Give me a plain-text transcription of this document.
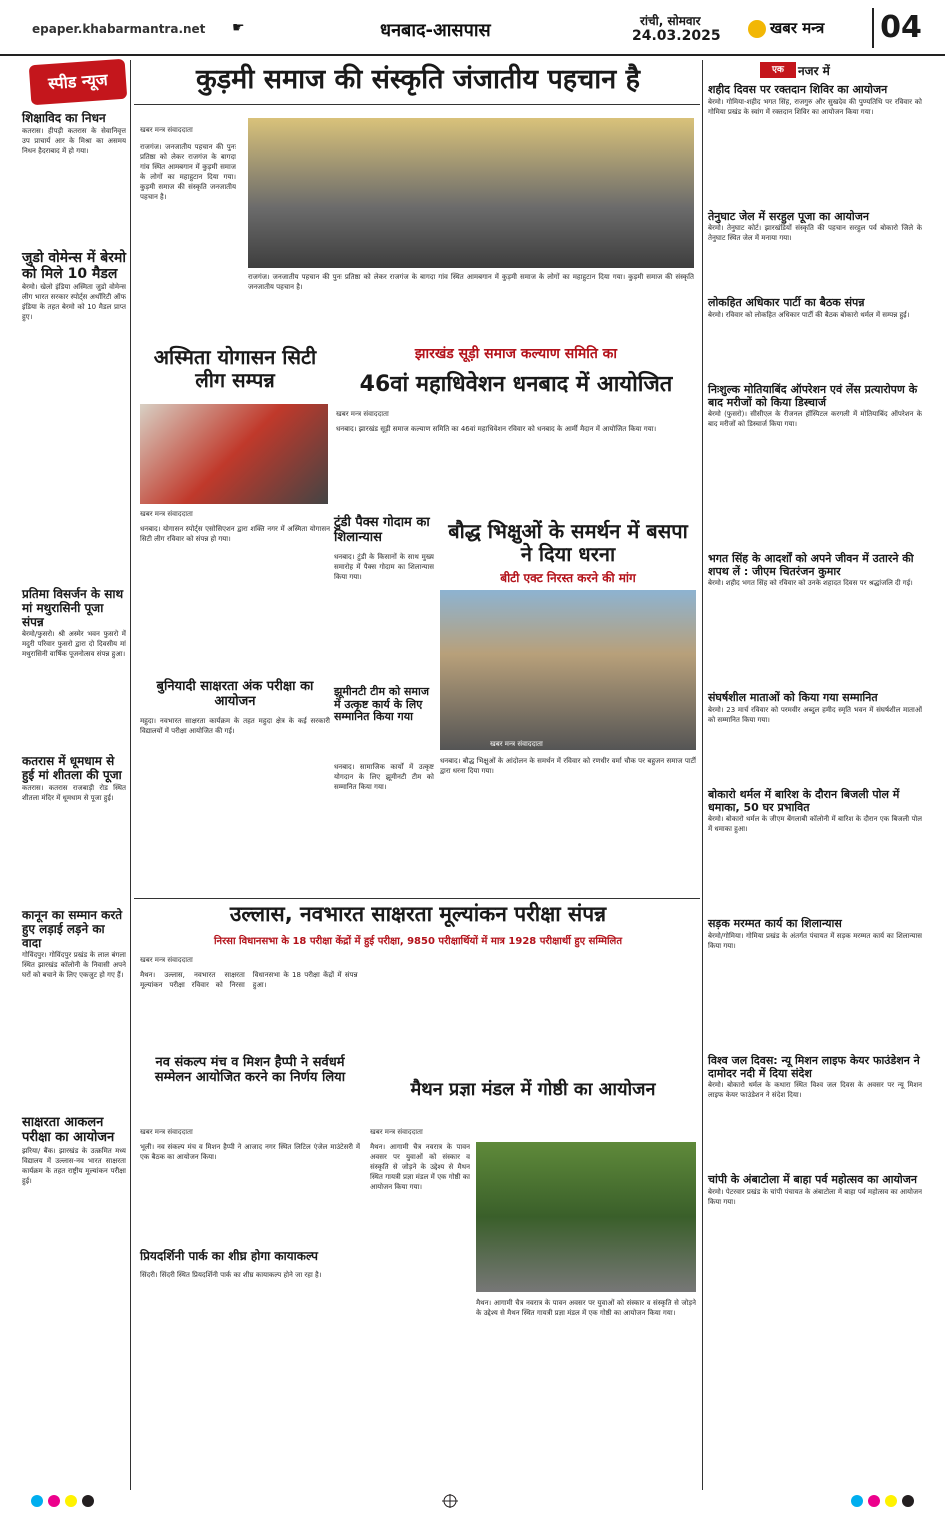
epaper.khabarmantra.net ☛	धनबाद-आसपास	रांची, सोमवार
24.03.2025	खबर मन्त्र 04
स्पीड न्यूज
शिक्षाविद का निधन
कतरास। हीपड़ी कतरास के सेवानिवृत्त उप प्राचार्य आर के मिश्रा का असमय निधन हैदराबाद में हो गया।
जुडो वोमेन्स में बेरमो को मिले 10 मैडल
बेरमो। खेलो इंडिया अस्मिता जुडो वोमेन्स लीग भारत सरकार स्पोर्ट्स अथॉरिटी ऑफ इंडिया के तहत बेरमो को 10 मैडल प्राप्त हुए।
प्रतिमा विसर्जन के साथ मां मथुरासिनी पूजा संपन्न
बेरमो/फुसरो। श्री अस्मेर भवन फुसरो में मदुरी परिवार फुसरो द्वारा दो दिवसीय मां मथुरासिनी वार्षिक पूजनोत्सव संपन्न हुआ।
कतरास में धूमधाम से हुई मां शीतला की पूजा
कतरास। कतरास राजबाड़ी रोड स्थित शीतला मंदिर में धूमधाम से पूजा हुई।
कानून का सम्मान करते हुए लड़ाई लड़ने का वादा
गोविंदपुर। गोविंदपुर प्रखंड के लाल बंगला स्थित झारखंड कॉलोनी के निवासी अपने घरों को बचाने के लिए एकजुट हो गए हैं।
साक्षरता आकलन परीक्षा का आयोजन
झरिया/ बैंक। झारखंड के उत्क्रमित मध्य विद्यालय में उल्लास-नव भारत साक्षरता कार्यक्रम के तहत राष्ट्रीय मूल्यांकन परीक्षा हुई।
कुड़मी समाज की संस्कृति जंजातीय पहचान है
खबर मन्त्र संवाददाता
राजगंज। जनजातीय पहचान की पुनः प्रतिष्ठा को लेकर राजगंज के बागदा गांव स्थित आमबगान में कुड़मी समाज के लोगों का महाहुटान दिया गया। कुड़मी समाज की संस्कृति जनजातीय पहचान है।
राजगंज। जनजातीय पहचान की पुनः प्रतिष्ठा को लेकर राजगंज के बागदा गांव स्थित आमबगान में कुड़मी समाज के लोगों का महाहुटान दिया गया। कुड़मी समाज की संस्कृति जनजातीय पहचान है।
अस्मिता योगासन सिटी लीग सम्पन्न
खबर मन्त्र संवाददाता
धनबाद। योगासन स्पोर्ट्स एसोसिएशन द्वारा शक्ति नगर में अस्मिता योगासन सिटी लीग रविवार को संपन्न हो गया।
झारखंड सूड़ी समाज कल्याण समिति का
46वां महाधिवेशन धनबाद में आयोजित
खबर मन्त्र संवाददाता
धनबाद। झारखंड सूड़ी समाज कल्याण समिति का 46वां महाधिवेशन रविवार को धनबाद के आर्मी मैदान में आयोजित किया गया।
टुंडी पैक्स गोदाम का शिलान्यास
धनबाद। टुंडी के किसानों के साथ मुख्य समारोह में पैक्स गोदाम का शिलान्यास किया गया।
बौद्ध भिक्षुओं के समर्थन में बसपा ने दिया धरना
बीटी एक्ट निरस्त करने की मांग
खबर मन्त्र संवाददाता
धनबाद। बौद्ध भिक्षुओं के आंदोलन के समर्थन में रविवार को रणधीर वर्मा चौक पर बहुजन समाज पार्टी द्वारा धरना दिया गया।
झूमीनटी टीम को समाज में उत्कृष्ट कार्य के लिए सम्मानित किया गया
धनबाद। सामाजिक कार्यों में उत्कृष्ट योगदान के लिए झूमीनटी टीम को सम्मानित किया गया।
बुनियादी साक्षरता अंक परीक्षा का आयोजन
महुदा। नवभारत साक्षरता कार्यक्रम के तहत महुदा क्षेत्र के कई सरकारी विद्यालयों में परीक्षा आयोजित की गई।
उल्लास, नवभारत साक्षरता मूल्यांकन परीक्षा संपन्न
निरसा विधानसभा के 18 परीक्षा केंद्रों में हुई परीक्षा, 9850 परीक्षार्थियों में मात्र 1928 परीक्षार्थी हुए सम्मिलित
खबर मन्त्र संवाददाता
मैथन। उल्लास, नवभारत साक्षरता मूल्यांकन परीक्षा रविवार को निरसा विधानसभा के 18 परीक्षा केंद्रों में संपन्न हुआ।
नव संकल्प मंच व मिशन हैप्पी ने सर्वधर्म सम्मेलन आयोजित करने का निर्णय लिया
खबर मन्त्र संवाददाता
भूली। नव संकल्प मंच व मिशन हैप्पी ने आजाद नगर स्थित लिटिल एंजेल माउंटेसरी में एक बैठक का आयोजन किया।
प्रियदर्शिनी पार्क का शीघ्र होगा कायाकल्प
सिंदरी। सिंदरी स्थित प्रियदर्शिनी पार्क का शीघ्र कायाकल्प होने जा रहा है।
मैथन प्रज्ञा मंडल में गोष्ठी का आयोजन
खबर मन्त्र संवाददाता
मैथन। आगामी चैत्र नवरात्र के पावन अवसर पर युवाओं को संस्कार व संस्कृति से जोड़ने के उद्देश्य से मैथन स्थित गायत्री प्रज्ञा मंडल में एक गोष्ठी का आयोजन किया गया।
मैथन। आगामी चैत्र नवरात्र के पावन अवसर पर युवाओं को संस्कार व संस्कृति से जोड़ने के उद्देश्य से मैथन स्थित गायत्री प्रज्ञा मंडल में एक गोष्ठी का आयोजन किया गया।
एक	नजर में
शहीद दिवस पर रक्तदान शिविर का आयोजन
बेरमो। गोमिया-शहीद भगत सिंह, राजगुरु और सुखदेव की पुण्यतिथि पर रविवार को गोमिया प्रखंड के स्वांग में रक्तदान शिविर का आयोजन किया गया।
तेनुघाट जेल में सरहुल पूजा का आयोजन
बेरमो। तेनुघाट कोर्ट। झारखंडियों संस्कृति की पहचान सरहुल पर्व बोकारो जिले के तेनुघाट स्थित जेल में मनाया गया।
लोकहित अधिकार पार्टी का बैठक संपन्न
बेरमो। रविवार को लोकहित अधिकार पार्टी की बैठक बोकारो थर्मल में सम्पन्न हुई।
निःशुल्क मोतियाबिंद ऑपरेशन एवं लेंस प्रत्यारोपण के बाद मरीजों को किया डिस्चार्ज
बेरमो (फुसरो)। सीसीएल के रीजनल हॉस्पिटल करगली में मोतियाबिंद ऑपरेशन के बाद मरीजों को डिस्चार्ज किया गया।
भगत सिंह के आदर्शों को अपने जीवन में उतारने की शपथ लें : जीएम चितरंजन कुमार
बेरमो। शहीद भगत सिंह को रविवार को उनके शहादत दिवस पर श्रद्धांजलि दी गई।
संघर्षशील माताओं को किया गया सम्मानित
बेरमो। 23 मार्च रविवार को परमवीर अब्दुल हमीद स्मृति भवन में संघर्षशील माताओं को सम्मानित किया गया।
बोकारो थर्मल में बारिश के दौरान बिजली पोल में धमाका, 50 घर प्रभावित
बेरमो। बोकारो थर्मल के जीएम बेंगलाबी कॉलोनी में बारिश के दौरान एक बिजली पोल में धमाका हुआ।
सड़क मरम्मत कार्य का शिलान्यास
बेरमो/गोमिया। गोमिया प्रखंड के अंतर्गत पंचायत में सड़क मरम्मत कार्य का शिलान्यास किया गया।
विश्व जल दिवस: न्यू मिशन लाइफ केयर फाउंडेशन ने दामोदर नदी में दिया संदेश
बेरमो। बोकारो थर्मल के कथारा स्थित विश्व जल दिवस के अवसर पर न्यू मिशन लाइफ केयर फाउंडेशन ने संदेश दिया।
चांपी के अंबाटोला में बाहा पर्व महोत्सव का आयोजन
बेरमो। पेटरवार प्रखंड के चांपी पंचायत के अंबाटोला में बाहा पर्व महोत्सव का आयोजन किया गया।
